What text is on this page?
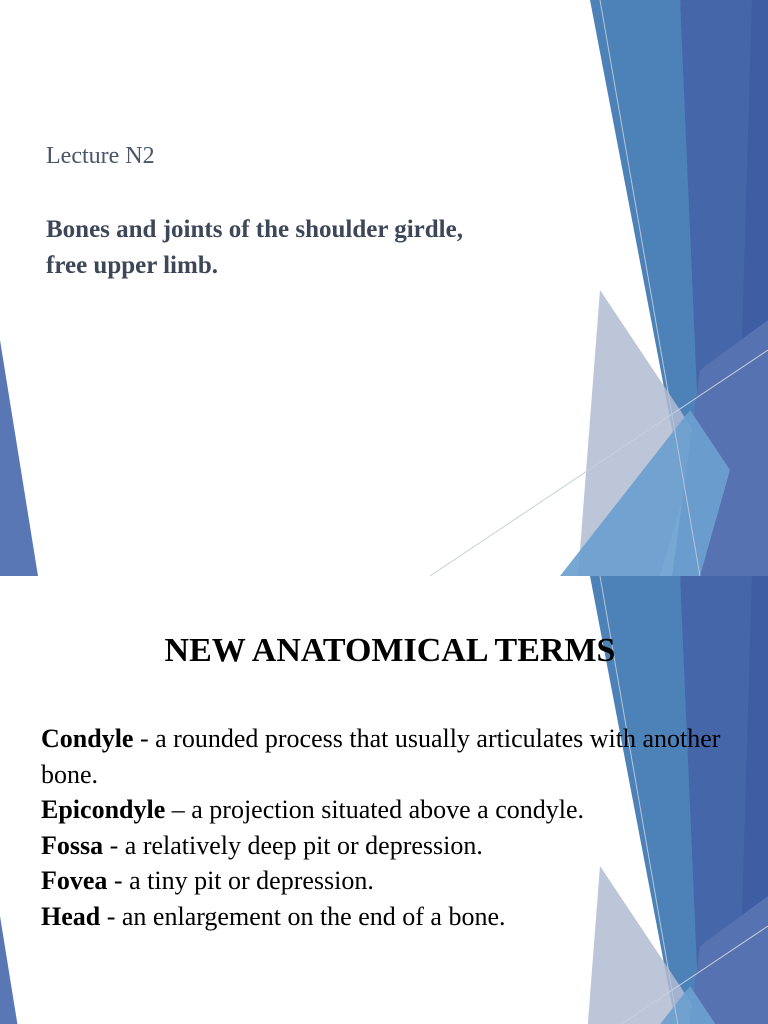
Lecture N2
Bones and joints of the shoulder girdle,
free upper limb.
NEW ANATOMICAL TERMS
Condyle - a rounded process that usually articulates with another bone.
Epicondyle – a projection situated above a condyle.
Fossa - a relatively deep pit or depression.
Fovea - a tiny pit or depression.
Head - an enlargement on the end of a bone.
